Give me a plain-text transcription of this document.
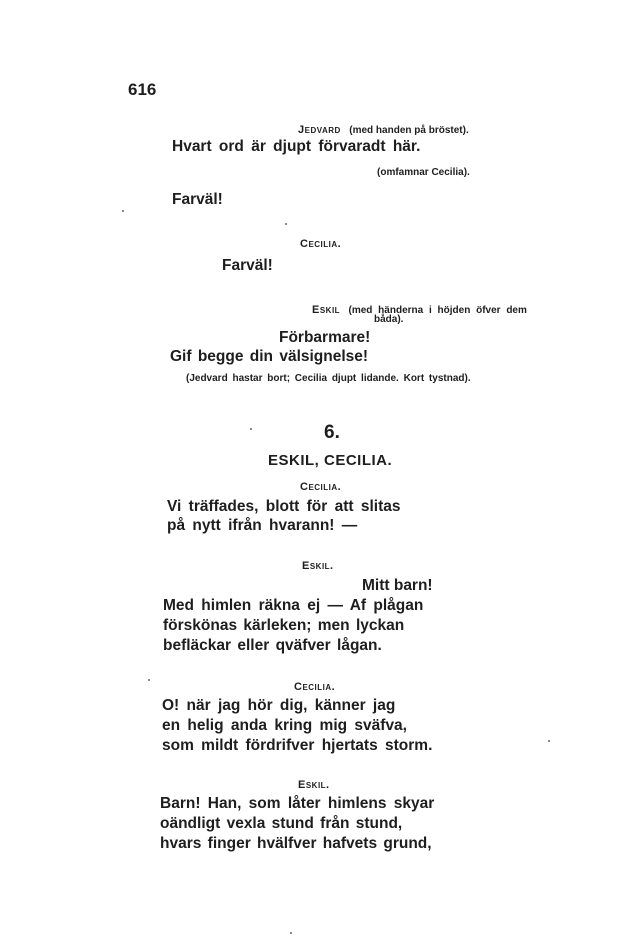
616
Jedvard (med handen på bröstet).
Hvart ord är djupt förvaradt här.
(omfamnar Cecilia).
Farväl!
Cecilia.
Farväl!
Eskil (med händerna i höjden öfver dem
båda).
Förbarmare!
Gif begge din välsignelse!
(Jedvard hastar bort; Cecilia djupt lidande. Kort tystnad).
6.
ESKIL, CECILIA.
Cecilia.
Vi träffades, blott för att slitas
på nytt ifrån hvarann! —
Eskil.
Mitt barn!
Med himlen räkna ej — Af plågan
förskönas kärleken; men lyckan
befläckar eller qväfver lågan.
Cecilia.
O! när jag hör dig, känner jag
en helig anda kring mig sväfva,
som mildt fördrifver hjertats storm.
Eskil.
Barn! Han, som låter himlens skyar
oändligt vexla stund från stund,
hvars finger hvälfver hafvets grund,
